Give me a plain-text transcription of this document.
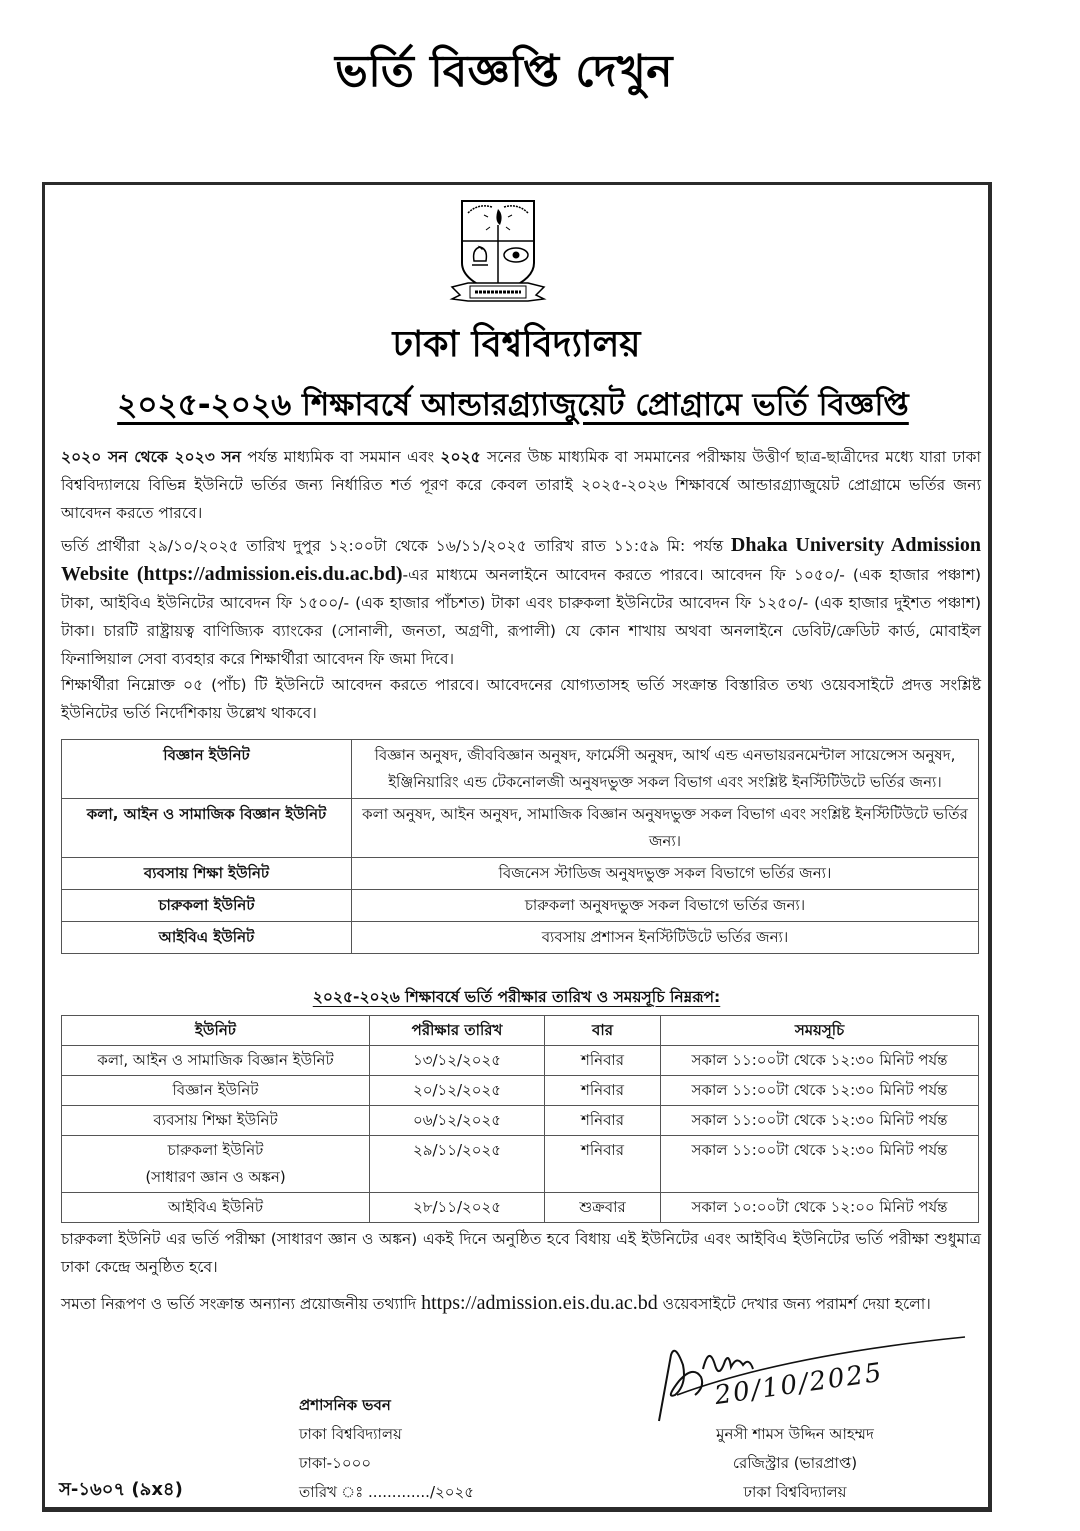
ভর্তি বিজ্ঞপ্তি দেখুন
ঢাকা বিশ্ববিদ্যালয়
২০২৫-২০২৬ শিক্ষাবর্ষে আন্ডারগ্র্যাজুয়েট প্রোগ্রামে ভর্তি বিজ্ঞপ্তি
২০২০ সন থেকে ২০২৩ সন পর্যন্ত মাধ্যমিক বা সমমান এবং ২০২৫ সনের উচ্চ মাধ্যমিক বা সমমানের পরীক্ষায় উত্তীর্ণ ছাত্র-ছাত্রীদের মধ্যে যারা ঢাকা বিশ্ববিদ্যালয়ে বিভিন্ন ইউনিটে ভর্তির জন্য নির্ধারিত শর্ত পূরণ করে কেবল তারাই ২০২৫-২০২৬ শিক্ষাবর্ষে আন্ডারগ্র্যাজুয়েট প্রোগ্রামে ভর্তির জন্য আবেদন করতে পারবে।
ভর্তি প্রার্থীরা ২৯/১০/২০২৫ তারিখ দুপুর ১২:০০টা থেকে ১৬/১১/২০২৫ তারিখ রাত ১১:৫৯ মি: পর্যন্ত Dhaka University Admission Website (https://admission.eis.du.ac.bd)-এর মাধ্যমে অনলাইনে আবেদন করতে পারবে। আবেদন ফি ১০৫০/- (এক হাজার পঞ্চাশ) টাকা, আইবিএ ইউনিটের আবেদন ফি ১৫০০/- (এক হাজার পাঁচশত) টাকা এবং চারুকলা ইউনিটের আবেদন ফি ১২৫০/- (এক হাজার দুইশত পঞ্চাশ) টাকা। চারটি রাষ্ট্রায়ত্ব বাণিজ্যিক ব্যাংকের (সোনালী, জনতা, অগ্রণী, রূপালী) যে কোন শাখায় অথবা অনলাইনে ডেবিট/ক্রেডিট কার্ড, মোবাইল ফিনান্সিয়াল সেবা ব্যবহার করে শিক্ষার্থীরা আবেদন ফি জমা দিবে।
শিক্ষার্থীরা নিম্নোক্ত ০৫ (পাঁচ) টি ইউনিটে আবেদন করতে পারবে। আবেদনের যোগ্যতাসহ ভর্তি সংক্রান্ত বিস্তারিত তথ্য ওয়েবসাইটে প্রদত্ত সংশ্লিষ্ট ইউনিটের ভর্তি নির্দেশিকায় উল্লেখ থাকবে।
বিজ্ঞান ইউনিট	বিজ্ঞান অনুষদ, জীববিজ্ঞান অনুষদ, ফার্মেসী অনুষদ, আর্থ এন্ড এনভায়রনমেন্টাল সায়েন্সেস অনুষদ, ইঞ্জিনিয়ারিং এন্ড টেকনোলজী অনুষদভুক্ত সকল বিভাগ এবং সংশ্লিষ্ট ইনস্টিটিউটে ভর্তির জন্য।
কলা, আইন ও সামাজিক বিজ্ঞান ইউনিট	কলা অনুষদ, আইন অনুষদ, সামাজিক বিজ্ঞান অনুষদভুক্ত সকল বিভাগ এবং সংশ্লিষ্ট ইনস্টিটিউটে ভর্তির জন্য।
ব্যবসায় শিক্ষা ইউনিট	বিজনেস স্টাডিজ অনুষদভুক্ত সকল বিভাগে ভর্তির জন্য।
চারুকলা ইউনিট	চারুকলা অনুষদভুক্ত সকল বিভাগে ভর্তির জন্য।
আইবিএ ইউনিট	ব্যবসায় প্রশাসন ইনস্টিটিউটে ভর্তির জন্য।
২০২৫-২০২৬ শিক্ষাবর্ষে ভর্তি পরীক্ষার তারিখ ও সময়সূচি নিম্নরূপ:
ইউনিট	পরীক্ষার তারিখ	বার	সময়সূচি

কলা, আইন ও সামাজিক বিজ্ঞান ইউনিট	১৩/১২/২০২৫	শনিবার	সকাল ১১:০০টা থেকে ১২:৩০ মিনিট পর্যন্ত

বিজ্ঞান ইউনিট	২০/১২/২০২৫	শনিবার	সকাল ১১:০০টা থেকে ১২:৩০ মিনিট পর্যন্ত

ব্যবসায় শিক্ষা ইউনিট	০৬/১২/২০২৫	শনিবার	সকাল ১১:০০টা থেকে ১২:৩০ মিনিট পর্যন্ত

চারুকলা ইউনিট
(সাধারণ জ্ঞান ও অঙ্কন)	২৯/১১/২০২৫	শনিবার	সকাল ১১:০০টা থেকে ১২:৩০ মিনিট পর্যন্ত

আইবিএ ইউনিট	২৮/১১/২০২৫	শুক্রবার	সকাল ১০:০০টা থেকে ১২:০০ মিনিট পর্যন্ত
চারুকলা ইউনিট এর ভর্তি পরীক্ষা (সাধারণ জ্ঞান ও অঙ্কন) একই দিনে অনুষ্ঠিত হবে বিধায় এই ইউনিটের এবং আইবিএ ইউনিটের ভর্তি পরীক্ষা শুধুমাত্র ঢাকা কেন্দ্রে অনুষ্ঠিত হবে।
সমতা নিরূপণ ও ভর্তি সংক্রান্ত অন্যান্য প্রয়োজনীয় তথ্যাদি https://admission.eis.du.ac.bd ওয়েবসাইটে দেখার জন্য পরামর্শ দেয়া হলো।
20/10/2025
প্রশাসনিক ভবন
ঢাকা বিশ্ববিদ্যালয়
ঢাকা-১০০০
তারিখ ঃ ............./২০২৫
মুনসী শামস উদ্দিন আহম্মদ
রেজিস্ট্রার (ভারপ্রাপ্ত)
ঢাকা বিশ্ববিদ্যালয়
স-১৬০৭ (৯x৪)
